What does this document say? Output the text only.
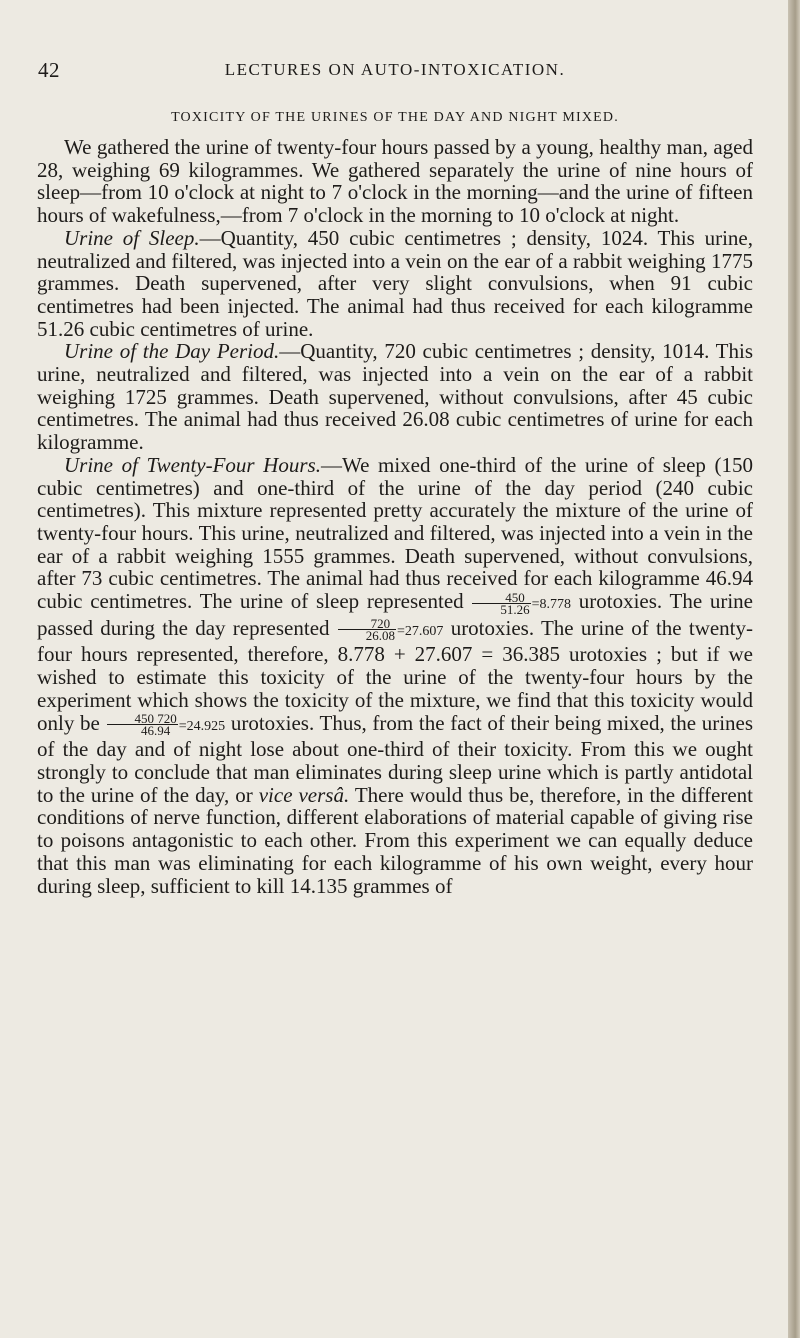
42	LECTURES ON AUTO-INTOXICATION.
TOXICITY OF THE URINES OF THE DAY AND NIGHT MIXED.

We gathered the urine of twenty-four hours passed by a young, healthy man, aged 28, weighing 69 kilogrammes. We gathered separately the urine of nine hours of sleep—from 10 o'clock at night to 7 o'clock in the morning—and the urine of fifteen hours of wakefulness,—from 7 o'clock in the morning to 10 o'clock at night.

Urine of Sleep.—Quantity, 450 cubic centimetres ; density, 1024. This urine, neutralized and filtered, was injected into a vein on the ear of a rabbit weighing 1775 grammes. Death supervened, after very slight convulsions, when 91 cubic centimetres had been injected. The animal had thus received for each kilogramme 51.26 cubic centimetres of urine.

Urine of the Day Period.—Quantity, 720 cubic centimetres ; density, 1014. This urine, neutralized and filtered, was injected into a vein on the ear of a rabbit weighing 1725 grammes. Death supervened, without convulsions, after 45 cubic centimetres. The animal had thus received 26.08 cubic centimetres of urine for each kilogramme.

Urine of Twenty-Four Hours.—We mixed one-third of the urine of sleep (150 cubic centimetres) and one-third of the urine of the day period (240 cubic centimetres). This mixture represented pretty accurately the mixture of the urine of twenty-four hours. This urine, neutralized and filtered, was injected into a vein in the ear of a rabbit weighing 1555 grammes. Death supervened, without convulsions, after 73 cubic centimetres. The animal had thus received for each kilogramme 46.94 cubic centimetres. The urine of sleep represented $\frac{450}{51.26} =8.778$ urotoxies. The urine passed during the day represented $\frac{720}{26.08} =27.607$ urotoxies. The urine of the twenty-four hours represented, therefore, 8.778 + 27.607 = 36.385 urotoxies ; but if we wished to estimate this toxicity of the urine of the twenty-four hours by the experiment which shows the toxicity of the mixture, we find that this toxicity would only be $\frac{450 720}{46.94} =24.925$ urotoxies. Thus, from the fact of their being mixed, the urines of the day and of night lose about one-third of their toxicity. From this we ought strongly to conclude that man eliminates during sleep urine which is partly antidotal to the urine of the day, or vice versâ. There would thus be, therefore, in the different conditions of nerve function, different elaborations of material capable of giving rise to poisons antagonistic to each other. From this experiment we can equally deduce that this man was eliminating for each kilogramme of his own weight, every hour during sleep, sufficient to kill 14.135 grammes of
